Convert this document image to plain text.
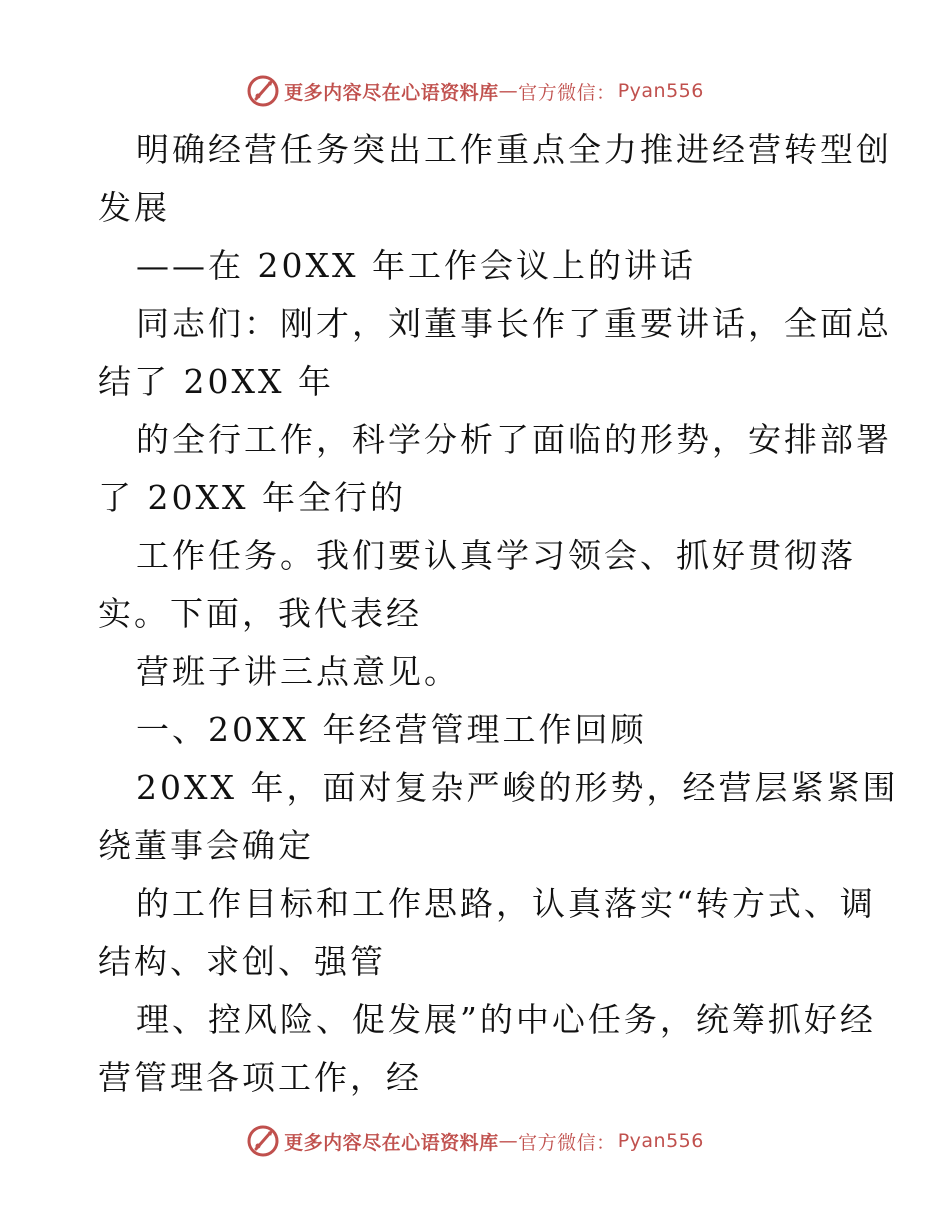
更多内容尽在心语资料库 — 官方微信： Pyan556
明确经营任务突出工作重点全力推进经营转型创
发展
——在 20XX 年工作会议上的讲话
同志们：刚才，刘董事长作了重要讲话，全面总
结了 20XX 年
的全行工作，科学分析了面临的形势，安排部署
了 20XX 年全行的
工作任务。我们要认真学习领会、抓好贯彻落
实。下面，我代表经
营班子讲三点意见。
一、20XX 年经营管理工作回顾
20XX 年，面对复杂严峻的形势，经营层紧紧围
绕董事会确定
的工作目标和工作思路，认真落实“转方式、调
结构、求创、强管
理、控风险、促发展”的中心任务，统筹抓好经
营管理各项工作，经
更多内容尽在心语资料库 — 官方微信： Pyan556
